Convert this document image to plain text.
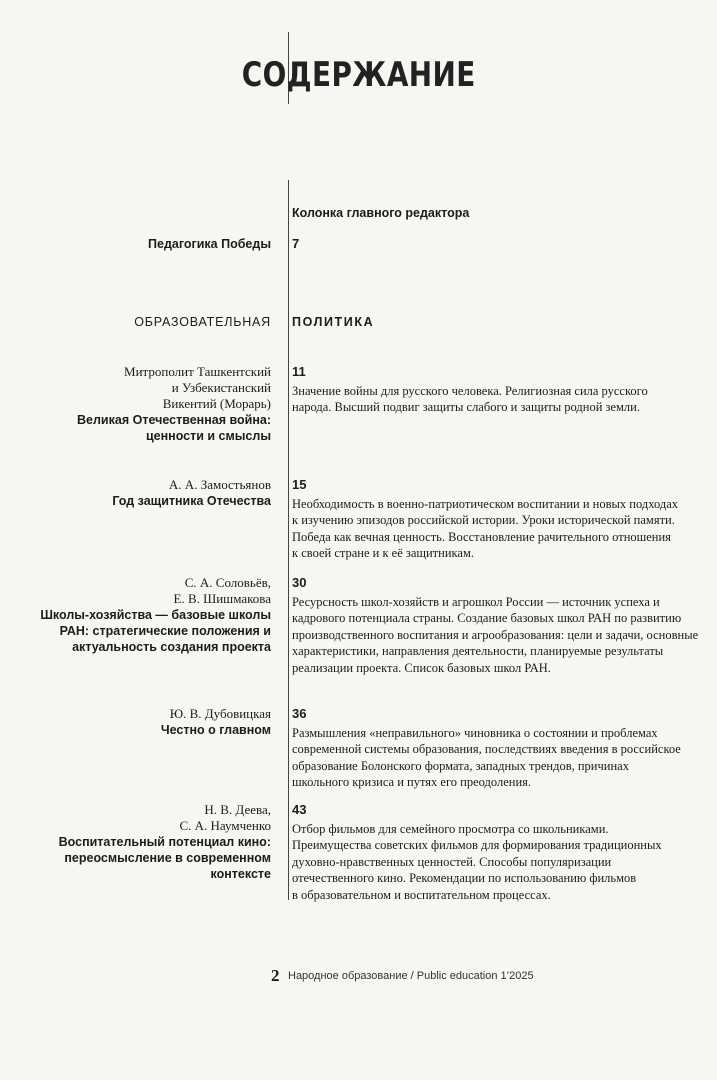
СОДЕРЖАНИЕ
Колонка главного редактора
Педагогика Победы 7
ОБРАЗОВАТЕЛЬНАЯ ПОЛИТИКА
Митрополит Ташкентский
и Узбекистанский
Викентий (Морарь)
Великая Отечественная война: ценности и смыслы
11
Значение войны для русского человека. Религиозная сила русского
народа. Высший подвиг защиты слабого и защиты родной земли.
А. А. Замостьянов
Год защитника Отечества
15
Необходимость в военно-патриотическом воспитании и новых подходах
к изучению эпизодов российской истории. Уроки исторической памяти.
Победа как вечная ценность. Восстановление рачительного отношения
к своей стране и к её защитникам.
С. А. Соловьёв,
Е. В. Шишмакова
Школы-хозяйства — базовые школы РАН: стратегические положения и актуальность создания проекта
30
Ресурсность школ-хозяйств и агрошкол России — источник успеха и
кадрового потенциала страны. Создание базовых школ РАН по развитию
производственного воспитания и агрообразования: цели и задачи, основные
характеристики, направления деятельности, планируемые результаты
реализации проекта. Список базовых школ РАН.
Ю. В. Дубовицкая
Честно о главном
36
Размышления «неправильного» чиновника о состоянии и проблемах
современной системы образования, последствиях введения в российское
образование Болонского формата, западных трендов, причинах
школьного кризиса и путях его преодоления.
Н. В. Деева,
С. А. Наумченко
Воспитательный потенциал кино: переосмысление в современном контексте
43
Отбор фильмов для семейного просмотра со школьниками.
Преимущества советских фильмов для формирования традиционных
духовно-нравственных ценностей. Способы популяризации
отечественного кино. Рекомендации по использованию фильмов
в образовательном и воспитательном процессах.
2 Народное образование / Public education 1’2025
